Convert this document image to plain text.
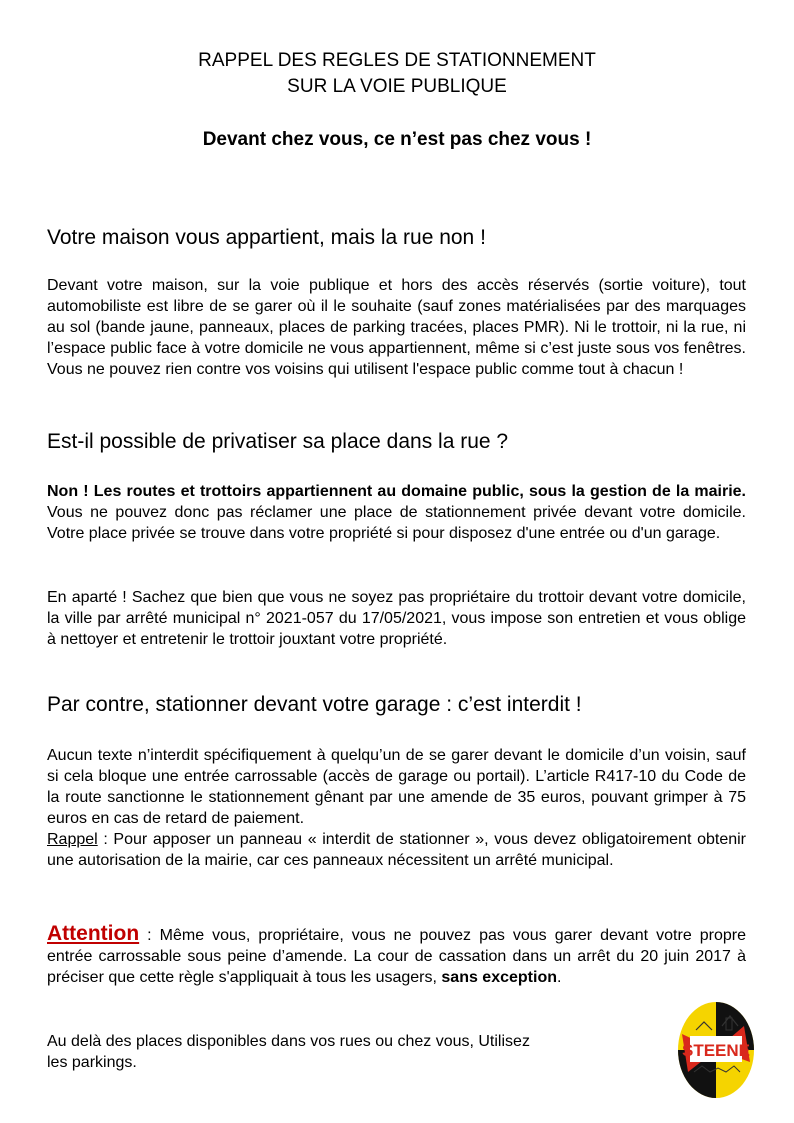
RAPPEL DES REGLES DE STATIONNEMENT
SUR LA VOIE PUBLIQUE
Devant chez vous, ce n’est pas chez vous !
Votre maison vous appartient, mais la rue non !
Devant votre maison, sur la voie publique et hors des accès réservés (sortie voiture), tout automobiliste est libre de se garer où il le souhaite (sauf zones matérialisées par des marquages au sol (bande jaune, panneaux, places de parking tracées, places PMR). Ni le trottoir, ni la rue, ni l’espace public face à votre domicile ne vous appartiennent, même si c’est juste sous vos fenêtres. Vous ne pouvez rien contre vos voisins qui utilisent l'espace public comme tout à chacun !
Est-il possible de privatiser sa place dans la rue ?
Non ! Les routes et trottoirs appartiennent au domaine public, sous la gestion de la mairie. Vous ne pouvez donc pas réclamer une place de stationnement privée devant votre domicile. Votre place privée se trouve dans votre propriété si pour disposez d'une entrée ou d'un garage.
En aparté ! Sachez que bien que vous ne soyez pas propriétaire du trottoir devant votre domicile, la ville par arrêté municipal n° 2021-057 du 17/05/2021, vous impose son entretien et vous oblige à nettoyer et entretenir le trottoir jouxtant votre propriété.
Par contre, stationner devant votre garage : c’est interdit !
Aucun texte n’interdit spécifiquement à quelqu’un de se garer devant le domicile d’un voisin, sauf si cela bloque une entrée carrossable (accès de garage ou portail). L’article R417-10 du Code de la route sanctionne le stationnement gênant par une amende de 35 euros, pouvant grimper à 75 euros en cas de retard de paiement.
Rappel : Pour apposer un panneau « interdit de stationner », vous devez obligatoirement obtenir une autorisation de la mairie, car ces panneaux nécessitent un arrêté municipal.
Attention : Même vous, propriétaire, vous ne pouvez pas vous garer devant votre propre entrée carrossable sous peine d’amende. La cour de cassation dans un arrêt du 20 juin 2017 à préciser que cette règle s'appliquait à tous les usagers, sans exception.
Au delà des places disponibles dans vos rues ou chez vous, Utilisez
les parkings.
STEENE
